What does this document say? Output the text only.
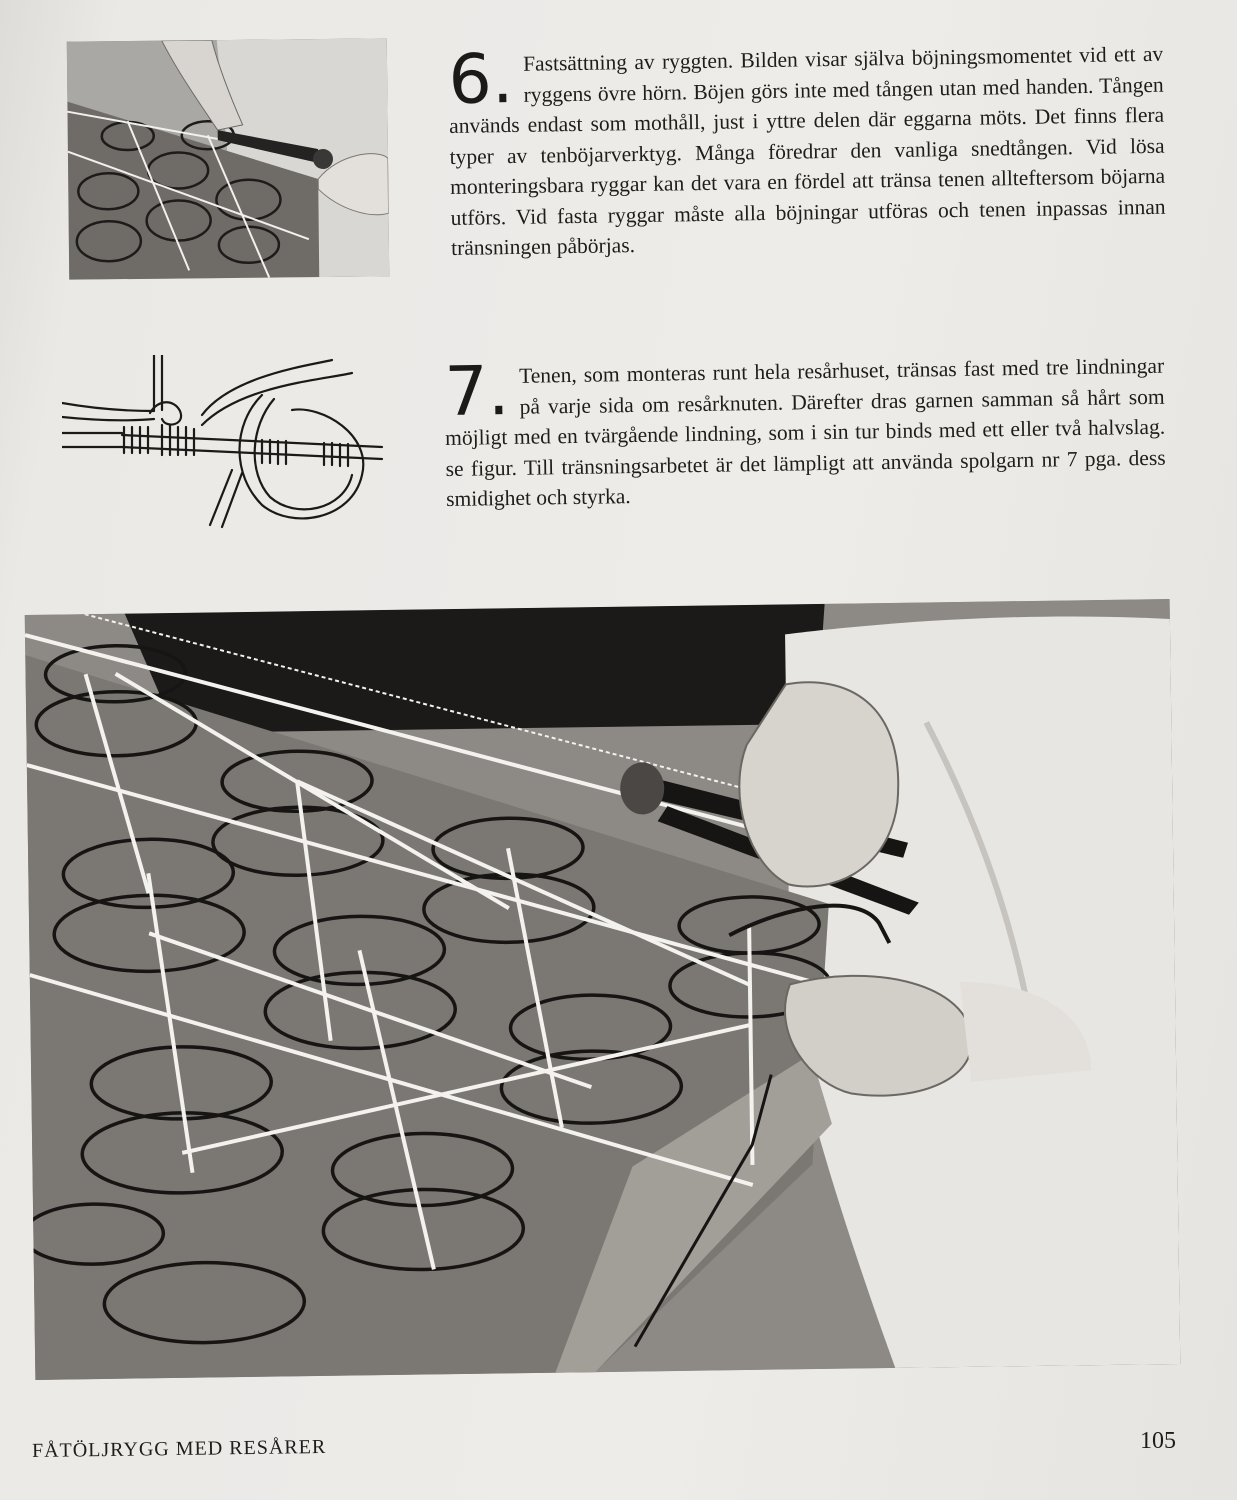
6. Fastsättning av ryggten. Bilden visar själva böjningsmomentet vid ett av ryggens övre hörn. Böjen görs inte med tången utan med handen. Tången används endast som mothåll, just i yttre delen där eggarna möts. Det finns flera typer av tenböjarverktyg. Många föredrar den vanliga snedtången. Vid lösa monteringsbara ryggar kan det vara en fördel att tränsa tenen allteftersom böjarna utförs. Vid fasta ryggar måste alla böjningar utföras och tenen inpassas innan tränsningen påbörjas.

7. Tenen, som monteras runt hela resårhuset, tränsas fast med tre lindningar på varje sida om resårknuten. Därefter dras garnen samman så hårt som möjligt med en tvärgående lindning, som i sin tur binds med ett eller två halvslag. se figur. Till tränsningsarbetet är det lämpligt att använda spolgarn nr 7 pga. dess smidighet och styrka.

FÅTÖLJRYGG MED RESÅRER	105
